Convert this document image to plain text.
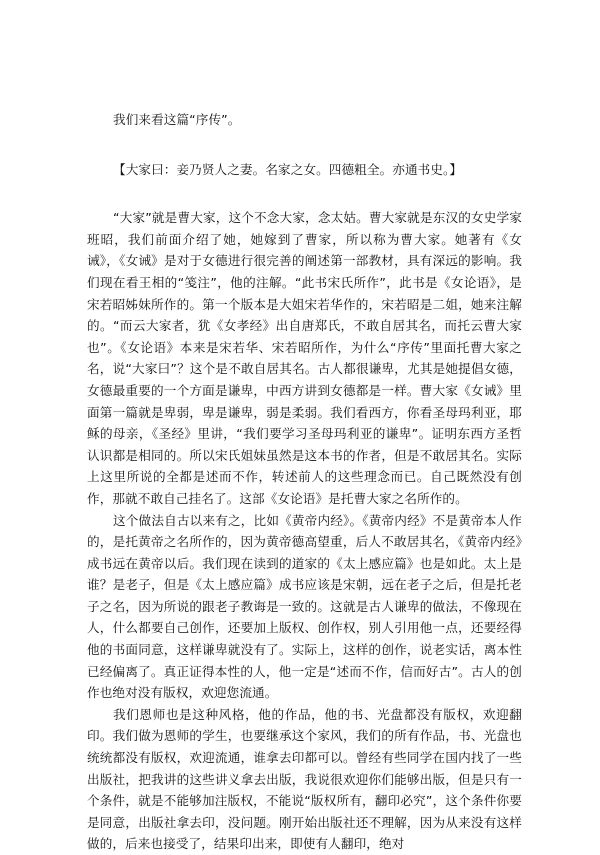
我们来看这篇“序传”。
【大家曰：妾乃贤人之妻。名家之女。四德粗全。亦通书史。】

“大家”就是曹大家，这个不念大家，念太姑。曹大家就是东汉的女史学家班昭，我们前面介绍了她，她嫁到了曹家，所以称为曹大家。她著有《女诫》，《女诫》是对于女德进行很完善的阐述第一部教材，具有深远的影响。我们现在看王相的“笺注”，他的注解。“此书宋氏所作”，此书是《女论语》，是宋若昭姊妹所作的。第一个版本是大姐宋若华作的，宋若昭是二姐，她来注解的。“而云大家者，犹《女孝经》出自唐郑氏，不敢自居其名，而托云曹大家也”。《女论语》本来是宋若华、宋若昭所作，为什么“序传”里面托曹大家之名，说“大家曰”？这个是不敢自居其名。古人都很谦卑，尤其是她提倡女德，女德最重要的一个方面是谦卑，中西方讲到女德都是一样。曹大家《女诫》里面第一篇就是卑弱，卑是谦卑，弱是柔弱。我们看西方，你看圣母玛利亚，耶稣的母亲，《圣经》里讲，“我们要学习圣母玛利亚的谦卑”。证明东西方圣哲认识都是相同的。所以宋氏姐妹虽然是这本书的作者，但是不敢居其名。实际上这里所说的全都是述而不作，转述前人的这些理念而已。自己既然没有创作，那就不敢自己挂名了。这部《女论语》是托曹大家之名所作的。

这个做法自古以来有之，比如《黄帝内经》。《黄帝内经》不是黄帝本人作的，是托黄帝之名所作的，因为黄帝德高望重，后人不敢居其名，《黄帝内经》成书远在黄帝以后。我们现在读到的道家的《太上感应篇》也是如此。太上是谁？是老子，但是《太上感应篇》成书应该是宋朝，远在老子之后，但是托老子之名，因为所说的跟老子教诲是一致的。这就是古人谦卑的做法，不像现在人，什么都要自己创作，还要加上版权、创作权，别人引用他一点，还要经得他的书面同意，这样谦卑就没有了。实际上，这样的创作，说老实话，离本性已经偏离了。真正证得本性的人，他一定是“述而不作，信而好古”。古人的创作也绝对没有版权，欢迎您流通。

我们恩师也是这种风格，他的作品，他的书、光盘都没有版权，欢迎翻印。我们做为恩师的学生，也要继承这个家风，我们的所有作品，书、光盘也统统都没有版权，欢迎流通，谁拿去印都可以。曾经有些同学在国内找了一些出版社，把我讲的这些讲义拿去出版，我说很欢迎你们能够出版，但是只有一个条件，就是不能够加注版权，不能说“版权所有，翻印必究”，这个条件你要是同意，出版社拿去印，没问题。刚开始出版社还不理解，因为从来没有这样做的，后来也接受了，结果印出来，即使有人翻印，绝对
